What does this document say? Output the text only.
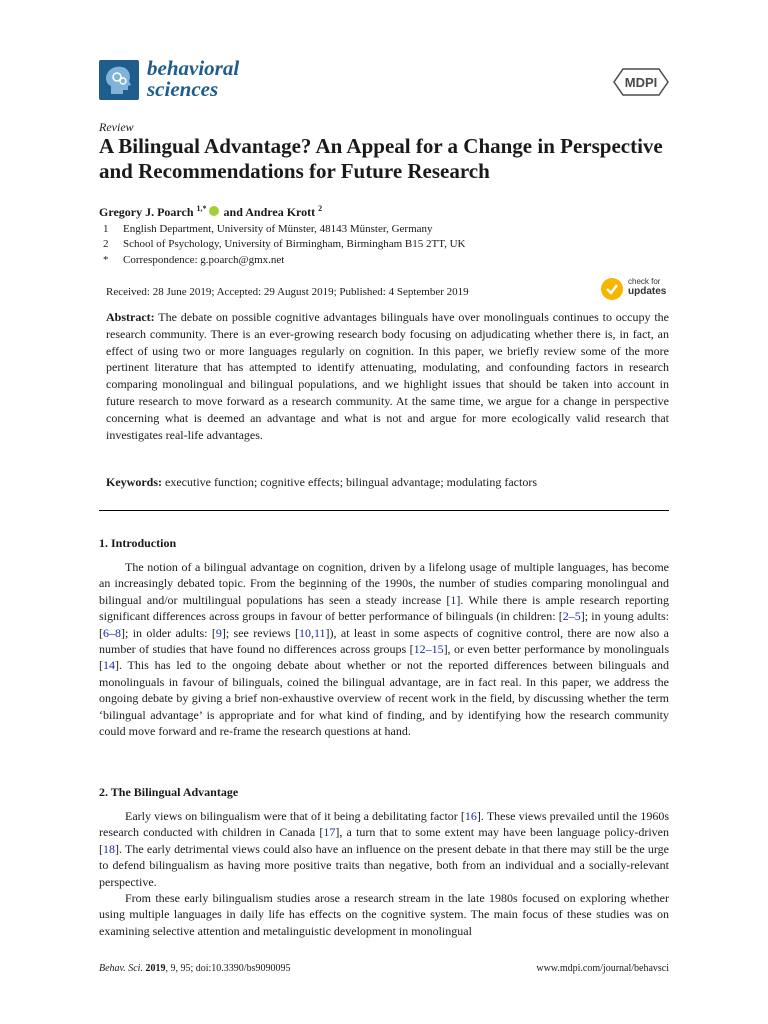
behavioral
sciences	MDPI
Review
A Bilingual Advantage? An Appeal for a Change in Perspective and Recommendations for Future Research
Gregory J. Poarch $^{1,*}$ and Andrea Krott $^2$
1 English Department, University of Münster, 48143 Münster, Germany
2 School of Psychology, University of Birmingham, Birmingham B15 2TT, UK
* Correspondence: g.poarch@gmx.net
Received: 28 June 2019; Accepted: 29 August 2019; Published: 4 September 2019
check for
updates
Abstract: The debate on possible cognitive advantages bilinguals have over monolinguals continues to occupy the research community. There is an ever-growing research body focusing on adjudicating whether there is, in fact, an effect of using two or more languages regularly on cognition. In this paper, we briefly review some of the more pertinent literature that has attempted to identify attenuating, modulating, and confounding factors in research comparing monolingual and bilingual populations, and we highlight issues that should be taken into account in future research to move forward as a research community. At the same time, we argue for a change in perspective concerning what is deemed an advantage and what is not and argue for more ecologically valid research that investigates real-life advantages.
Keywords: executive function; cognitive effects; bilingual advantage; modulating factors
1. Introduction
The notion of a bilingual advantage on cognition, driven by a lifelong usage of multiple languages, has become an increasingly debated topic. From the beginning of the 1990s, the number of studies comparing monolingual and bilingual and/or multilingual populations has seen a steady increase [1]. While there is ample research reporting significant differences across groups in favour of better performance of bilinguals (in children: [2–5]; in young adults: [6–8]; in older adults: [9]; see reviews [10,11]), at least in some aspects of cognitive control, there are now also a number of studies that have found no differences across groups [12–15], or even better performance by monolinguals [14]. This has led to the ongoing debate about whether or not the reported differences between bilinguals and monolinguals in favour of bilinguals, coined the bilingual advantage, are in fact real. In this paper, we address the ongoing debate by giving a brief non-exhaustive overview of recent work in the field, by discussing whether the term ‘bilingual advantage’ is appropriate and for what kind of finding, and by identifying how the research community could move forward and re-frame the research questions at hand.
2. The Bilingual Advantage
Early views on bilingualism were that of it being a debilitating factor [16]. These views prevailed until the 1960s research conducted with children in Canada [17], a turn that to some extent may have been language policy-driven [18]. The early detrimental views could also have an influence on the present debate in that there may still be the urge to defend bilingualism as having more positive traits than negative, both from an individual and a socially-relevant perspective.
From these early bilingualism studies arose a research stream in the late 1980s focused on exploring whether using multiple languages in daily life has effects on the cognitive system. The main focus of these studies was on examining selective attention and metalinguistic development in monolingual
Behav. Sci. 2019, 9, 95; doi:10.3390/bs9090095	www.mdpi.com/journal/behavsci
